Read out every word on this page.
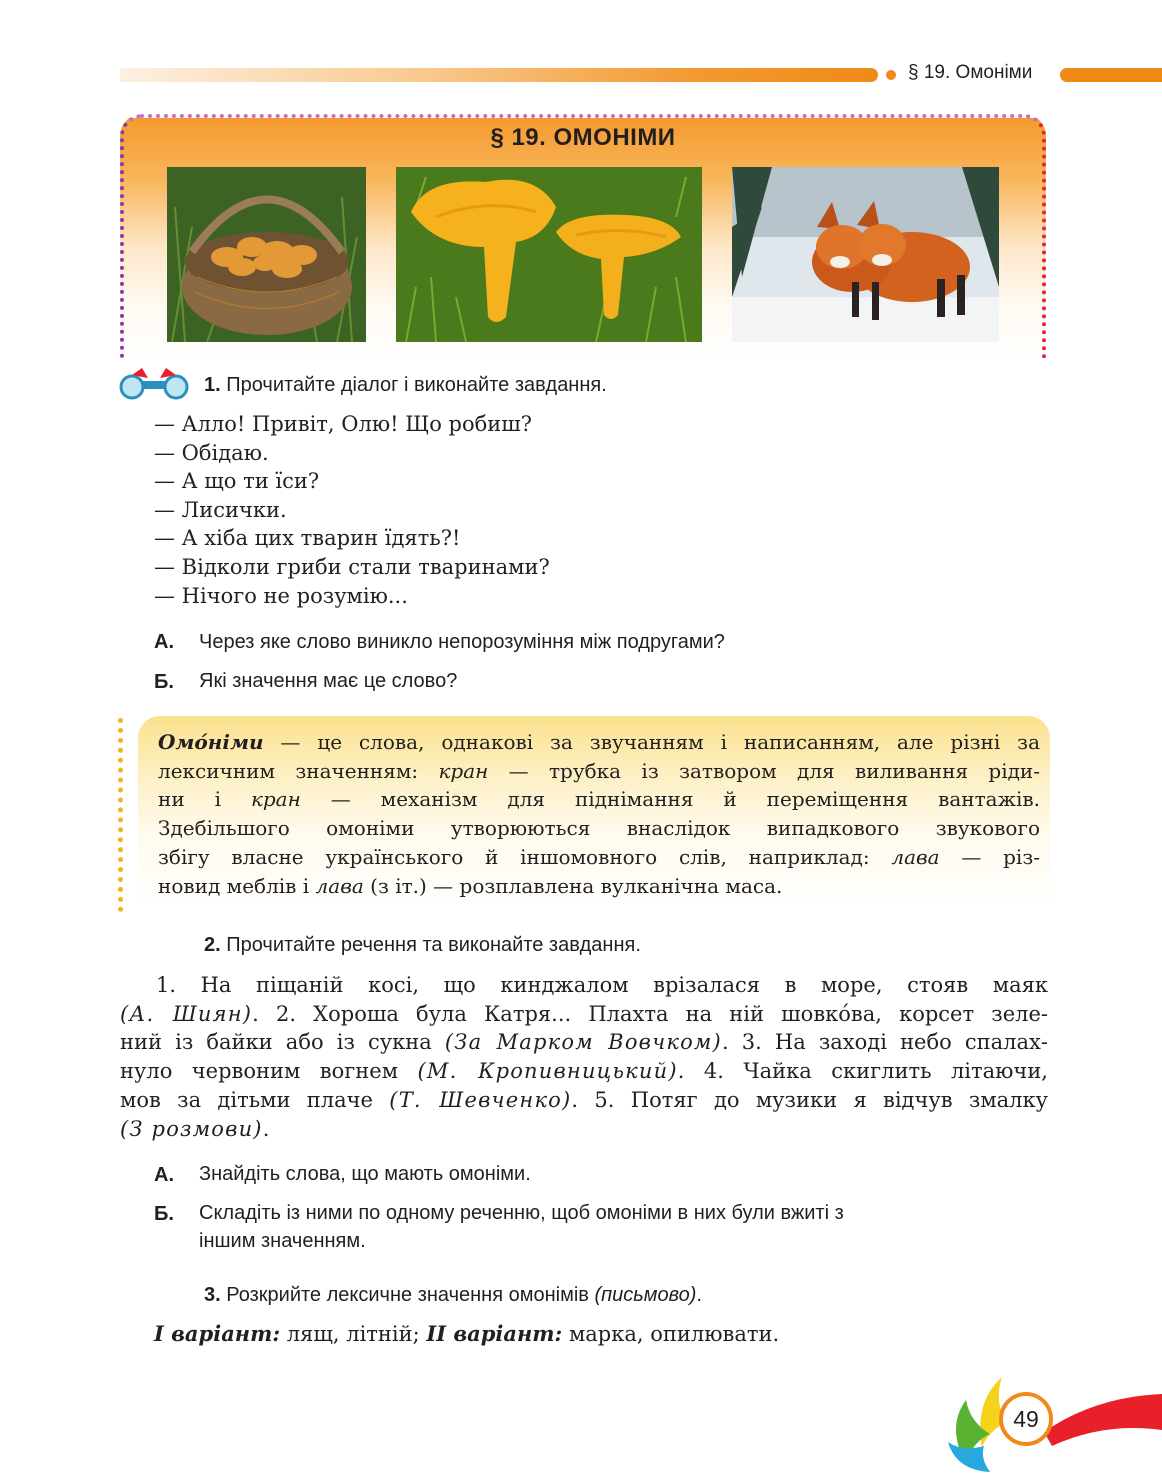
§ 19. Омоніми
§ 19. ОМОНІМИ
1. Прочитайте діалог і виконайте завдання.
— Алло! Привіт, Олю! Що робиш?
— Обідаю.
— А що ти їси?
— Лисички.
— А хіба цих тварин їдять?!
— Відколи гриби стали тваринами?
— Нічого не розумію...
А. Через яке слово виникло непорозуміння між подругами?
Б. Які значення має це слово?
Омо́німи — це слова, однакові за звучанням і написанням, але різні за
лексичним значенням: кран — трубка із затвором для виливання ріди-
ни і кран — механізм для піднімання й переміщення вантажів.
Здебільшого омоніми утворюються внаслідок випадкового звукового
збігу власне українського й іншомовного слів, наприклад: лава — різ-
новид меблів і лава (з іт.) — розплавлена вулканічна маса.
2. Прочитайте речення та виконайте завдання.
1. На піщаній косі, що кинджалом врізалася в море, стояв маяк
(А. Шиян). 2. Хороша була Катря... Плахта на ній шовко́ва, корсет зеле-
ний із байки або із сукна (За Марком Вовчком). 3. На заході небо спалах-
нуло червоним вогнем (М. Кропивницький). 4. Чайка скиглить літаючи,
мов за дітьми плаче (Т. Шевченко). 5. Потяг до музики я відчув змалку
(З розмови).
А. Знайдіть слова, що мають омоніми.
Б. Складіть із ними по одному реченню, щоб омоніми в них були вжиті з
іншим значенням.
3. Розкрийте лексичне значення омонімів (письмово).
І варіант: лящ, літній; ІІ варіант: марка, опилювати.
49
